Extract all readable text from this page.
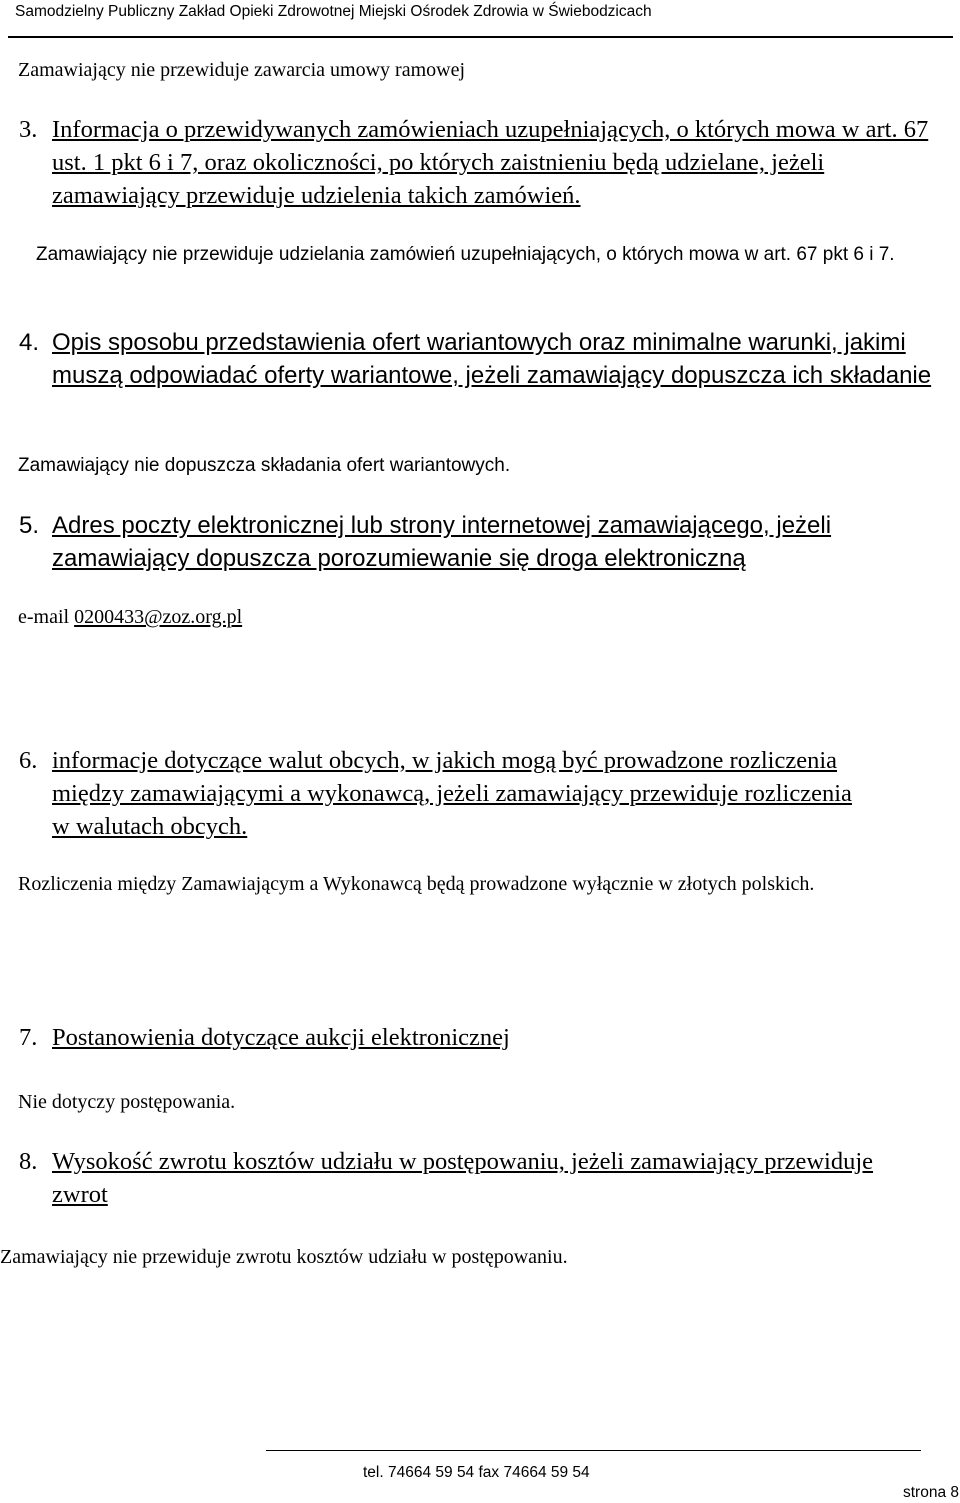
Samodzielny Publiczny Zakład Opieki Zdrowotnej Miejski Ośrodek Zdrowia w Świebodzicach
Zamawiający nie przewiduje zawarcia umowy ramowej
3. Informacja o przewidywanych zamówieniach uzupełniających, o których mowa w art. 67 ust. 1 pkt 6 i 7, oraz okoliczności, po których zaistnieniu będą udzielane, jeżeli zamawiający przewiduje udzielenia takich zamówień.
Zamawiający nie przewiduje udzielania zamówień uzupełniających, o których mowa w art. 67 pkt 6 i 7.
4. Opis sposobu przedstawienia ofert wariantowych oraz minimalne warunki, jakimi muszą odpowiadać oferty wariantowe, jeżeli zamawiający dopuszcza ich składanie
Zamawiający nie dopuszcza składania ofert wariantowych.
5. Adres poczty elektronicznej lub strony internetowej zamawiającego, jeżeli zamawiający dopuszcza porozumiewanie się droga elektroniczną
e-mail 0200433@zoz.org.pl
6. informacje dotyczące walut obcych, w jakich mogą być prowadzone rozliczenia między zamawiającymi a wykonawcą, jeżeli zamawiający przewiduje rozliczenia w walutach obcych.
Rozliczenia między Zamawiającym a Wykonawcą będą prowadzone wyłącznie w złotych polskich.
7. Postanowienia dotyczące aukcji elektronicznej
Nie dotyczy postępowania.
8. Wysokość zwrotu kosztów udziału w postępowaniu, jeżeli zamawiający przewiduje zwrot
Zamawiający nie przewiduje zwrotu kosztów udziału w postępowaniu.
tel. 74664 59 54 fax 74664 59 54
strona 8
